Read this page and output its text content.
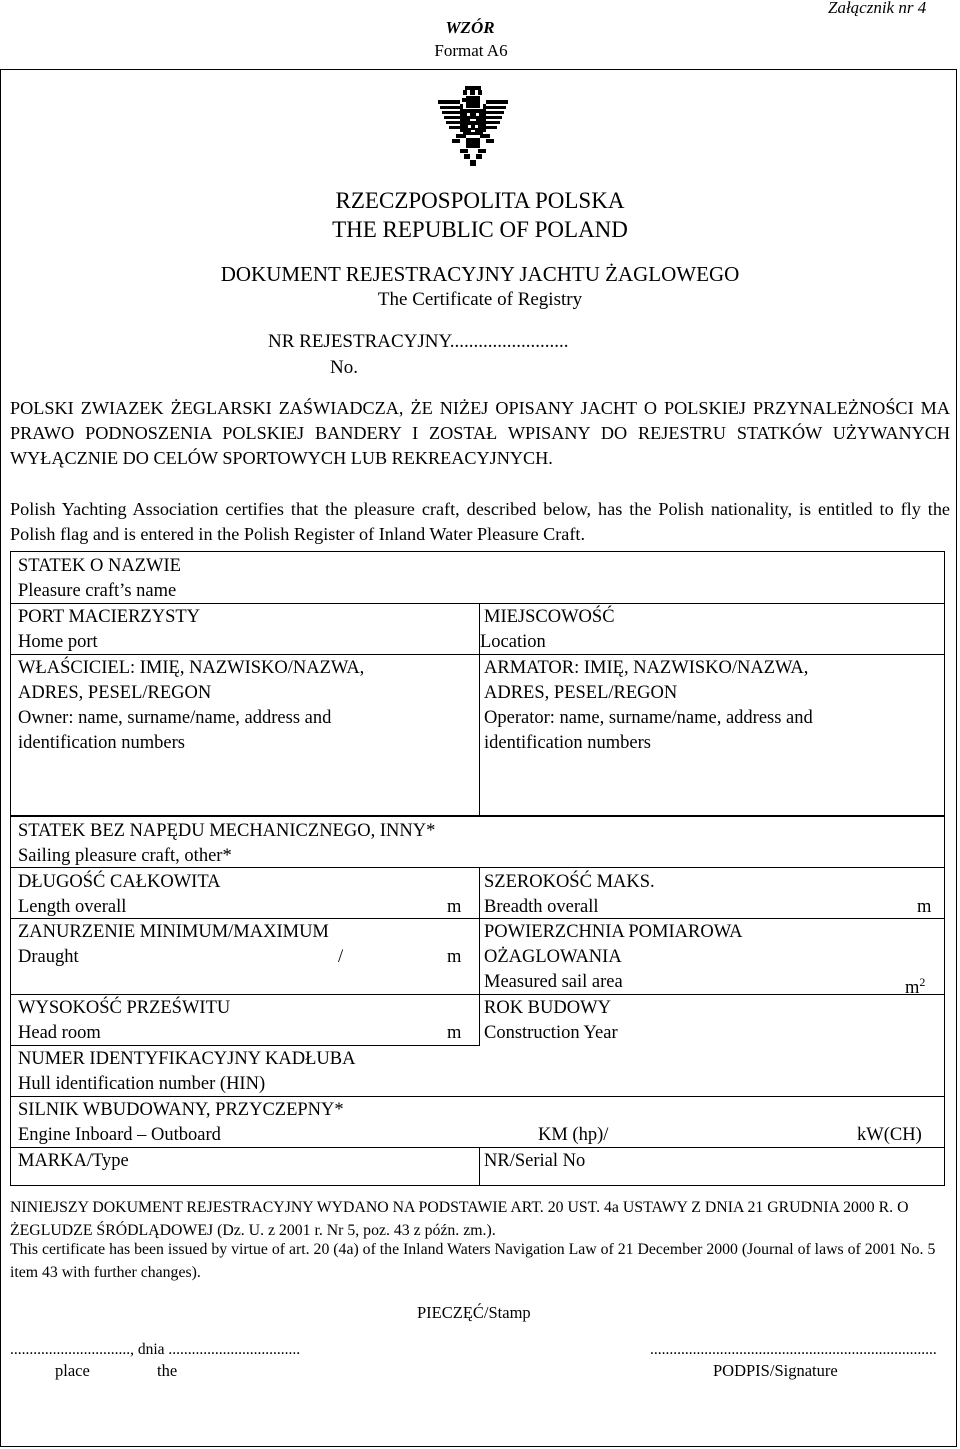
WZÓR
Format A6
Załącznik nr 4
RZECZPOSPOLITA POLSKA
THE REPUBLIC OF POLAND
DOKUMENT REJESTRACYJNY JACHTU ŻAGLOWEGO
The Certificate of Registry
NR REJESTRACYJNY.........................
No.
POLSKI ZWIAZEK ŻEGLARSKI ZAŚWIADCZA, ŻE NIŻEJ OPISANY JACHT O POLSKIEJ PRZYNALEŻNOŚCI MA PRAWO PODNOSZENIA POLSKIEJ BANDERY I ZOSTAŁ WPISANY DO REJESTRU STATKÓW UŻYWANYCH WYŁĄCZNIE DO CELÓW SPORTOWYCH LUB REKREACYJNYCH.
Polish Yachting Association certifies that the pleasure craft, described below, has the Polish nationality, is entitled to fly the Polish flag and is entered in the Polish Register of Inland Water Pleasure Craft.
STATEK O NAZWIE
Pleasure craft’s name
PORT MACIERZYSTY
Home port
MIEJSCOWOŚĆ
Location
WŁAŚCICIEL: IMIĘ, NAZWISKO/NAZWA,
ADRES, PESEL/REGON
Owner: name, surname/name, address and
identification numbers
ARMATOR: IMIĘ, NAZWISKO/NAZWA,
ADRES, PESEL/REGON
Operator: name, surname/name, address and
identification numbers
STATEK BEZ NAPĘDU MECHANICZNEGO, INNY*
Sailing pleasure craft, other*
DŁUGOŚĆ CAŁKOWITA
Length overall	m
SZEROKOŚĆ MAKS.
Breadth overall	m
ZANURZENIE MINIMUM/MAXIMUM
Draught	/	m
POWIERZCHNIA POMIAROWA
OŻAGLOWANIA
Measured sail area	$m^2$
WYSOKOŚĆ PRZEŚWITU
Head room	m
ROK BUDOWY
Construction Year
NUMER IDENTYFIKACYJNY KADŁUBA
Hull identification number (HIN)
SILNIK WBUDOWANY, PRZYCZEPNY*
Engine Inboard – Outboard	KM (hp)/	kW(CH)
MARKA/Type	NR/Serial No
NINIEJSZY DOKUMENT REJESTRACYJNY WYDANO NA PODSTAWIE ART. 20 UST. 4a USTAWY Z DNIA 21 GRUDNIA 2000 R. O ŻEGLUDZE ŚRÓDLĄDOWEJ (Dz. U. z 2001 r. Nr 5, poz. 43 z późn. zm.).
This certificate has been issued by virtue of art. 20 (4a) of the Inland Waters Navigation Law of 21 December 2000 (Journal of laws of 2001 No. 5 item 43 with further changes).
PIECZĘĆ/Stamp
..............................., dnia ..................................
place	the
..........................................................................
PODPIS/Signature
